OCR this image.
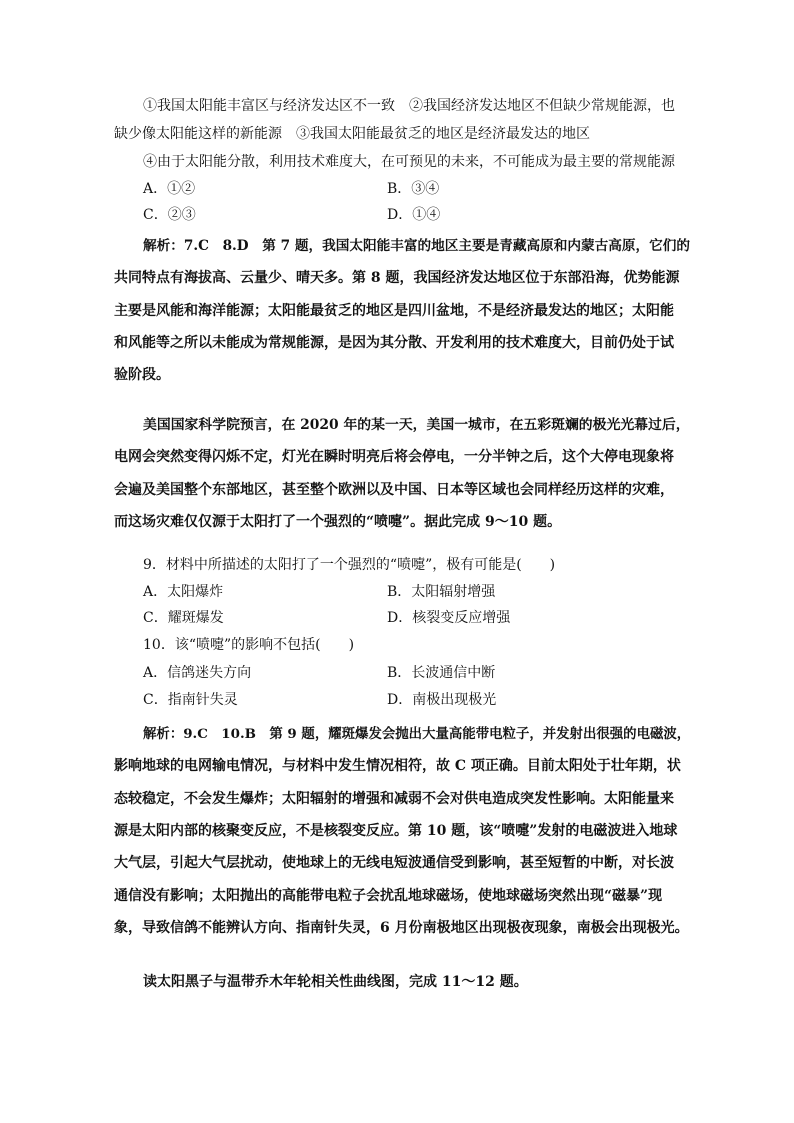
①我国太阳能丰富区与经济发达区不一致　②我国经济发达地区不但缺少常规能源，也
缺少像太阳能这样的新能源　③我国太阳能最贫乏的地区是经济最发达的地区
④由于太阳能分散，利用技术难度大，在可预见的未来，不可能成为最主要的常规能源
A．①②	B．③④
C．②③	D．①④
解析：7.C　8.D　第 7 题，我国太阳能丰富的地区主要是青藏高原和内蒙古高原，它们的
共同特点有海拔高、云量少、晴天多。第 8 题，我国经济发达地区位于东部沿海，优势能源
主要是风能和海洋能源；太阳能最贫乏的地区是四川盆地，不是经济最发达的地区；太阳能
和风能等之所以未能成为常规能源，是因为其分散、开发利用的技术难度大，目前仍处于试
验阶段。
美国国家科学院预言，在 2020 年的某一天，美国一城市，在五彩斑斓的极光光幕过后，
电网会突然变得闪烁不定，灯光在瞬时明亮后将会停电，一分半钟之后，这个大停电现象将
会遍及美国整个东部地区，甚至整个欧洲以及中国、日本等区域也会同样经历这样的灾难，
而这场灾难仅仅源于太阳打了一个强烈的“喷嚏”。据此完成 9～10 题。
9．材料中所描述的太阳打了一个强烈的“喷嚏”，极有可能是(　　)
A．太阳爆炸	B．太阳辐射增强
C．耀斑爆发	D．核裂变反应增强
10．该“喷嚏”的影响不包括(　　)
A．信鸽迷失方向	B．长波通信中断
C．指南针失灵	D．南极出现极光
解析：9.C　10.B　第 9 题，耀斑爆发会抛出大量高能带电粒子，并发射出很强的电磁波，
影响地球的电网输电情况，与材料中发生情况相符，故 C 项正确。目前太阳处于壮年期，状
态较稳定，不会发生爆炸；太阳辐射的增强和减弱不会对供电造成突发性影响。太阳能量来
源是太阳内部的核聚变反应，不是核裂变反应。第 10 题，该“喷嚏”发射的电磁波进入地球
大气层，引起大气层扰动，使地球上的无线电短波通信受到影响，甚至短暂的中断，对长波
通信没有影响；太阳抛出的高能带电粒子会扰乱地球磁场，使地球磁场突然出现“磁暴”现
象，导致信鸽不能辨认方向、指南针失灵，6 月份南极地区出现极夜现象，南极会出现极光。
读太阳黑子与温带乔木年轮相关性曲线图，完成 11～12 题。
